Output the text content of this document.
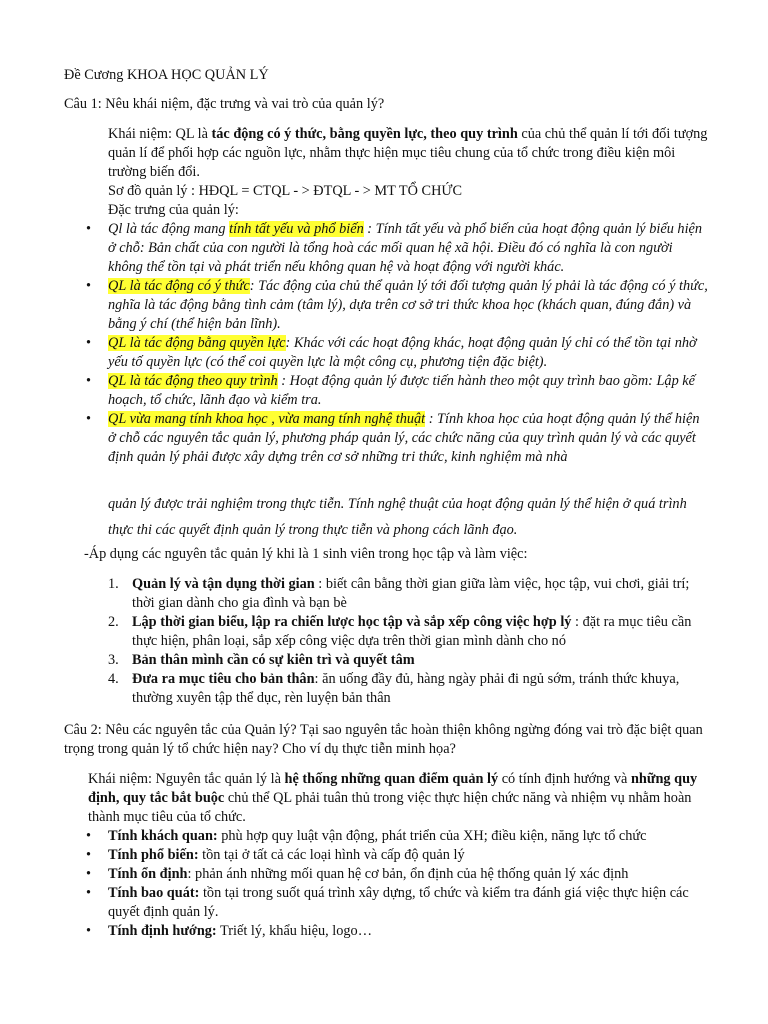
Đề Cương KHOA HỌC QUẢN LÝ
Câu 1: Nêu khái niệm, đặc trưng và vai trò của quản lý?
Khái niệm: QL là tác động có ý thức, bằng quyền lực, theo quy trình của chủ thể quản lí tới đối tượng quản lí để phối hợp các nguồn lực, nhằm thực hiện mục tiêu chung của tổ chức trong điều kiện môi trường biến đổi.
Sơ đồ quản lý : HĐQL = CTQL - > ĐTQL - > MT TỔ CHỨC
Đặc trưng của quản lý:
• Ql là tác động mang tính tất yếu và phổ biến : Tính tất yếu và phổ biến của hoạt động quản lý biểu hiện ở chỗ: Bản chất của con người là tổng hoà các mối quan hệ xã hội. Điều đó có nghĩa là con người không thể tồn tại và phát triển nếu không quan hệ và hoạt động với người khác.
• QL là tác động có ý thức: Tác động của chủ thể quản lý tới đối tượng quản lý phải là tác động có ý thức, nghĩa là tác động bằng tình cảm (tâm lý), dựa trên cơ sở tri thức khoa học (khách quan, đúng đắn) và bằng ý chí (thể hiện bản lĩnh).
• QL là tác động bằng quyền lực: Khác với các hoạt động khác, hoạt động quản lý chỉ có thể tồn tại nhờ yếu tố quyền lực (có thể coi quyền lực là một công cụ, phương tiện đặc biệt).
• QL là tác động theo quy trình : Hoạt động quản lý được tiến hành theo một quy trình bao gồm: Lập kế hoạch, tổ chức, lãnh đạo và kiểm tra.
• QL vừa mang tính khoa học , vừa mang tính nghệ thuật : Tính khoa học của hoạt động quản lý thể hiện ở chỗ các nguyên tắc quản lý, phương pháp quản lý, các chức năng của quy trình quản lý và các quyết định quản lý phải được xây dựng trên cơ sở những tri thức, kinh nghiệm mà nhà
quản lý được trải nghiệm trong thực tiễn. Tính nghệ thuật của hoạt động quản lý thể hiện ở quá trình thực thi các quyết định quản lý trong thực tiễn và phong cách lãnh đạo.
-Áp dụng các nguyên tắc quản lý khi là 1 sinh viên trong học tập và làm việc:
1. Quản lý và tận dụng thời gian : biết cân bằng thời gian giữa làm việc, học tập, vui chơi, giải trí; thời gian dành cho gia đình và bạn bè
2. Lập thời gian biểu, lập ra chiến lược học tập và sắp xếp công việc hợp lý : đặt ra mục tiêu cần thực hiện, phân loại, sắp xếp công việc dựa trên thời gian mình dành cho nó
3. Bản thân mình cần có sự kiên trì và quyết tâm
4. Đưa ra mục tiêu cho bản thân: ăn uống đầy đủ, hàng ngày phải đi ngủ sớm, tránh thức khuya, thường xuyên tập thể dục, rèn luyện bản thân
Câu 2: Nêu các nguyên tắc của Quản lý? Tại sao nguyên tắc hoàn thiện không ngừng đóng vai trò đặc biệt quan trọng trong quản lý tổ chức hiện nay? Cho ví dụ thực tiễn minh họa?
Khái niệm: Nguyên tắc quản lý là hệ thống những quan điểm quản lý có tính định hướng và những quy định, quy tắc bắt buộc chủ thể QL phải tuân thủ trong việc thực hiện chức năng và nhiệm vụ nhằm hoàn thành mục tiêu của tổ chức.
• Tính khách quan: phù hợp quy luật vận động, phát triển của XH; điều kiện, năng lực tổ chức
• Tính phổ biến: tồn tại ở tất cả các loại hình và cấp độ quản lý
• Tính ổn định: phản ánh những mối quan hệ cơ bản, ổn định của hệ thống quản lý xác định
• Tính bao quát: tồn tại trong suốt quá trình xây dựng, tổ chức và kiểm tra đánh giá việc thực hiện các quyết định quản lý.
• Tính định hướng: Triết lý, khẩu hiệu, logo…
